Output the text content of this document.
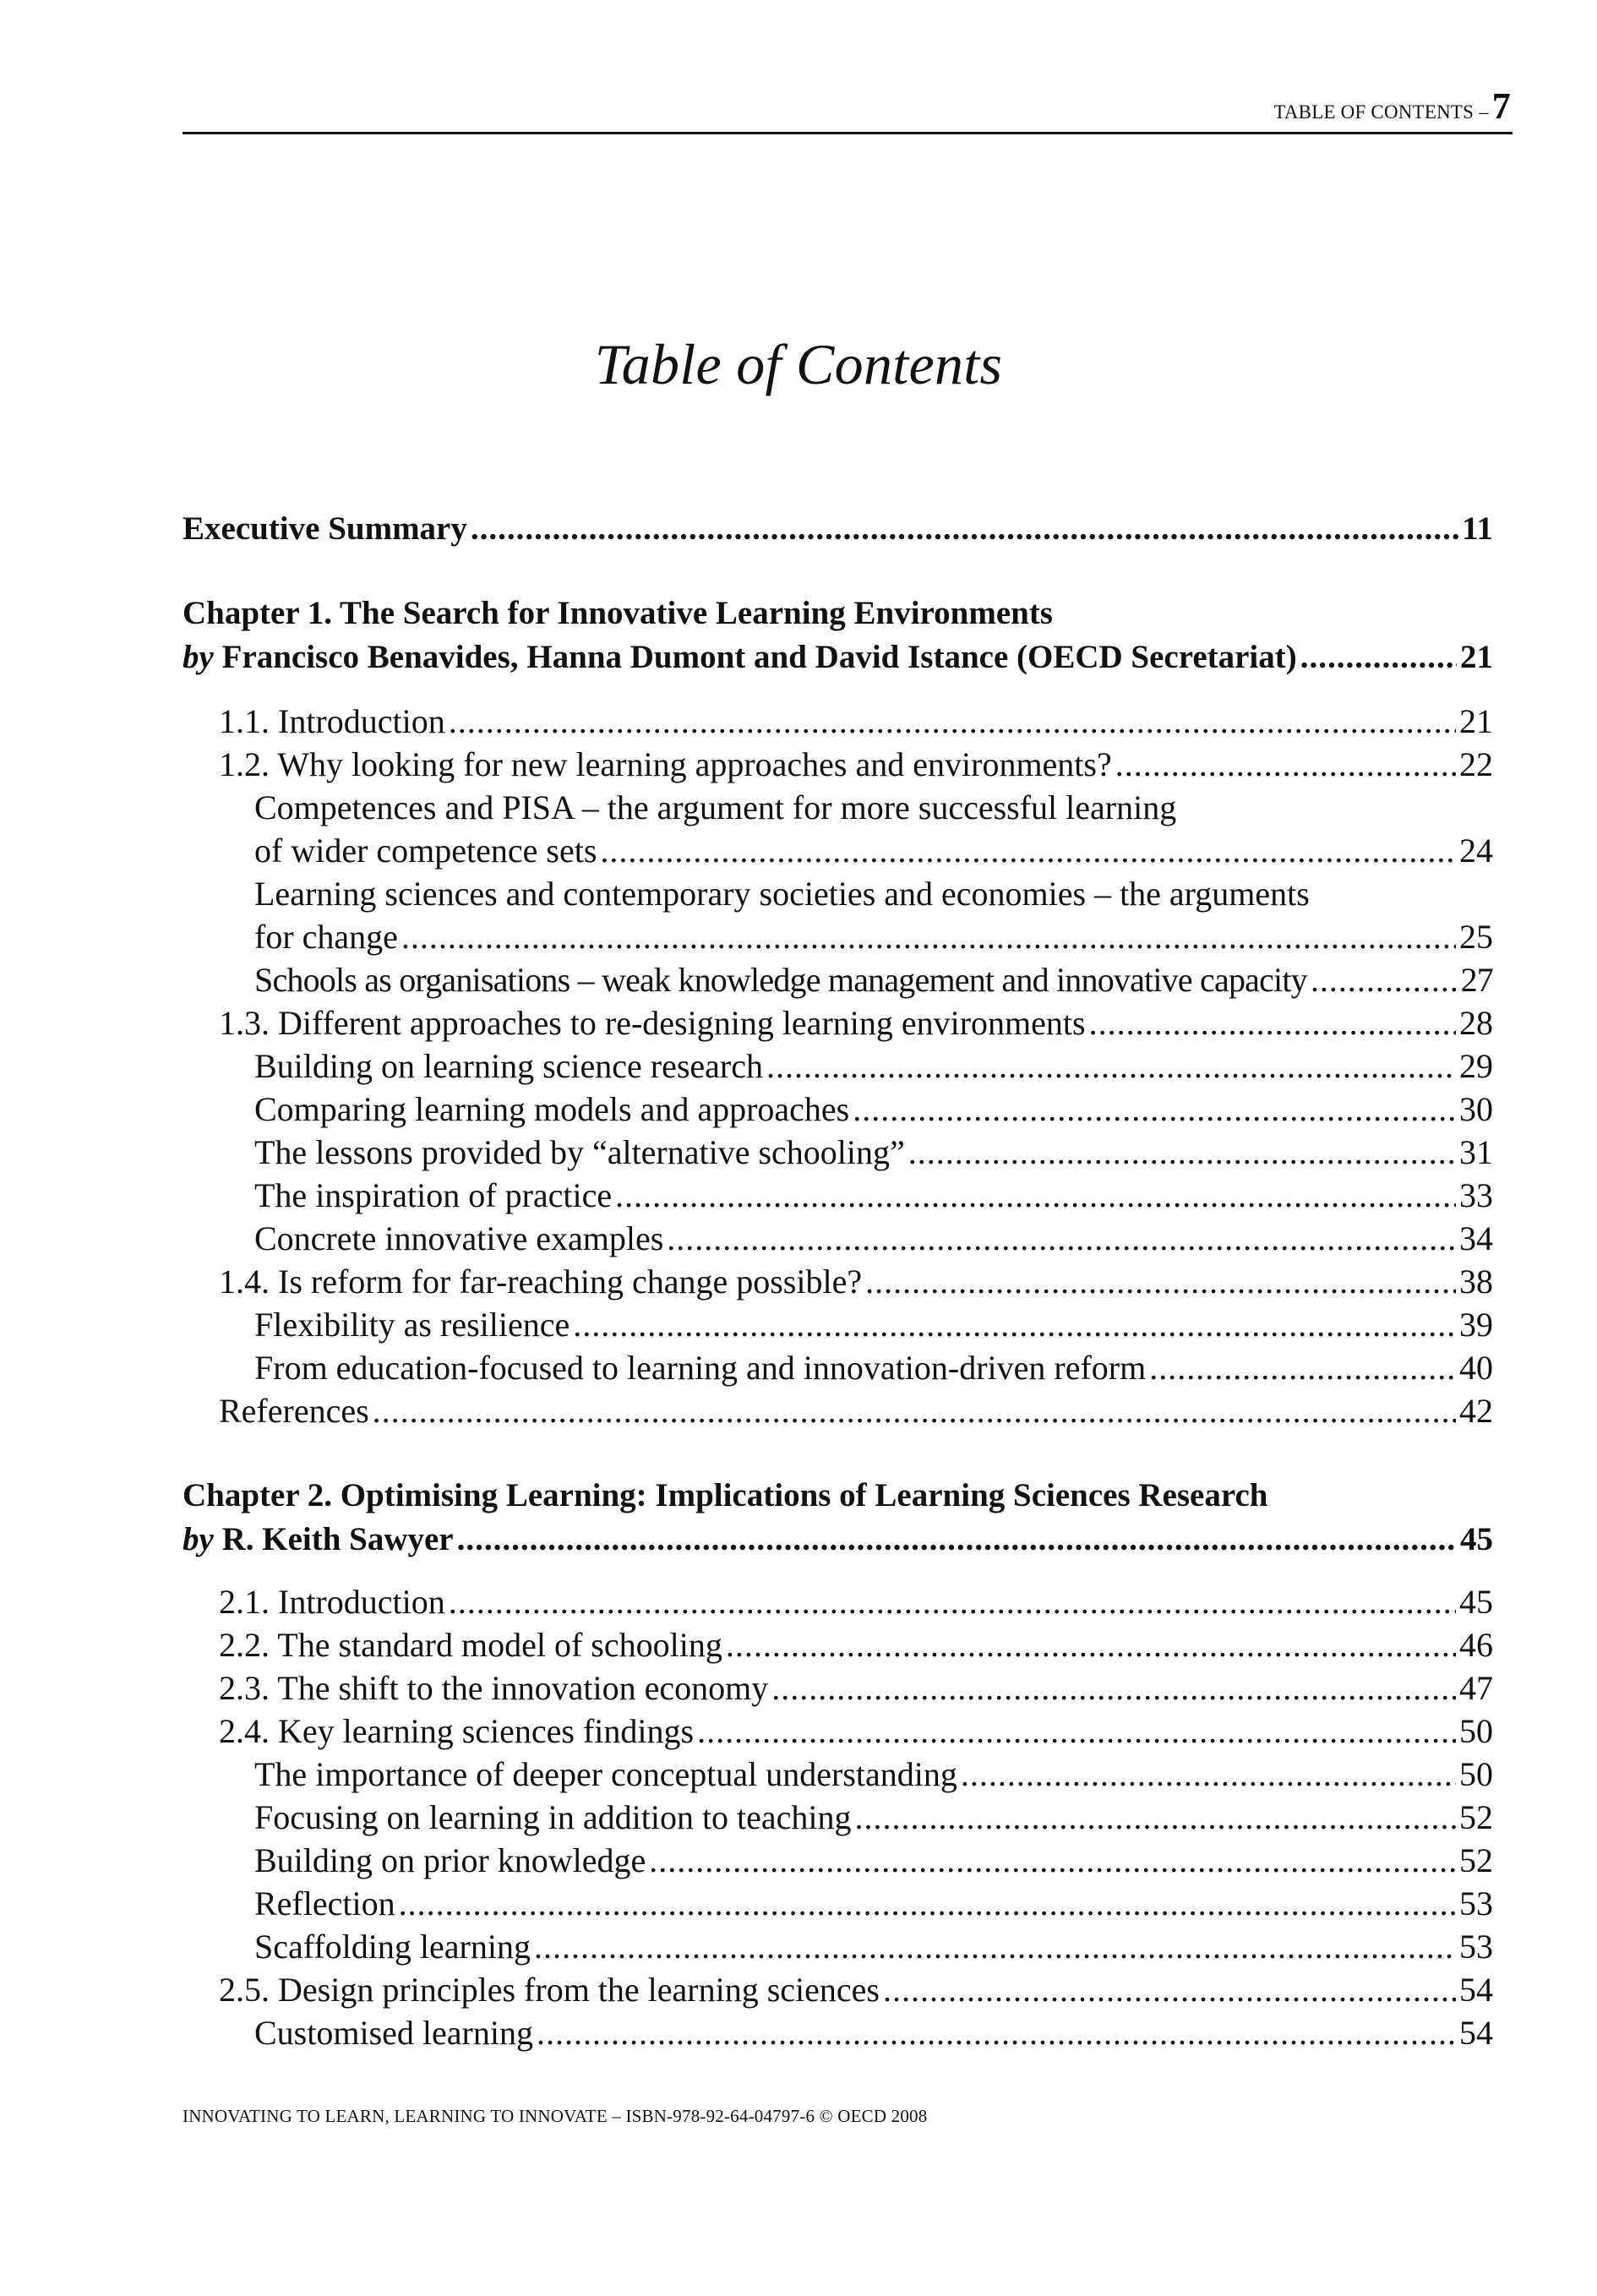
TABLE OF CONTENTS –7
Table of Contents
Executive Summary .....	11
Chapter 1. The Search for Innovative Learning Environments
by Francisco Benavides, Hanna Dumont and David Istance (OECD Secretariat) .....	21
1.1. Introduction .....	21
1.2. Why looking for new learning approaches and environments? .....	22
Competences and PISA – the argument for more successful learning
of wider competence sets .....	24
Learning sciences and contemporary societies and economies – the arguments
for change .....	25
Schools as organisations – weak knowledge management and innovative capacity .....	27
1.3. Different approaches to re-designing learning environments .....	28
Building on learning science research .....	29
Comparing learning models and approaches .....	30
The lessons provided by “alternative schooling” .....	31
The inspiration of practice .....	33
Concrete innovative examples .....	34
1.4. Is reform for far-reaching change possible? .....	38
Flexibility as resilience .....	39
From education-focused to learning and innovation-driven reform .....	40
References .....	42
Chapter 2. Optimising Learning: Implications of Learning Sciences Research
by R. Keith Sawyer .....	45
2.1. Introduction .....	45
2.2. The standard model of schooling .....	46
2.3. The shift to the innovation economy .....	47
2.4. Key learning sciences findings .....	50
The importance of deeper conceptual understanding .....	50
Focusing on learning in addition to teaching .....	52
Building on prior knowledge .....	52
Reflection .....	53
Scaffolding learning .....	53
2.5. Design principles from the learning sciences .....	54
Customised learning .....	54
INNOVATING TO LEARN, LEARNING TO INNOVATE – ISBN-978-92-64-04797-6 © OECD 2008
